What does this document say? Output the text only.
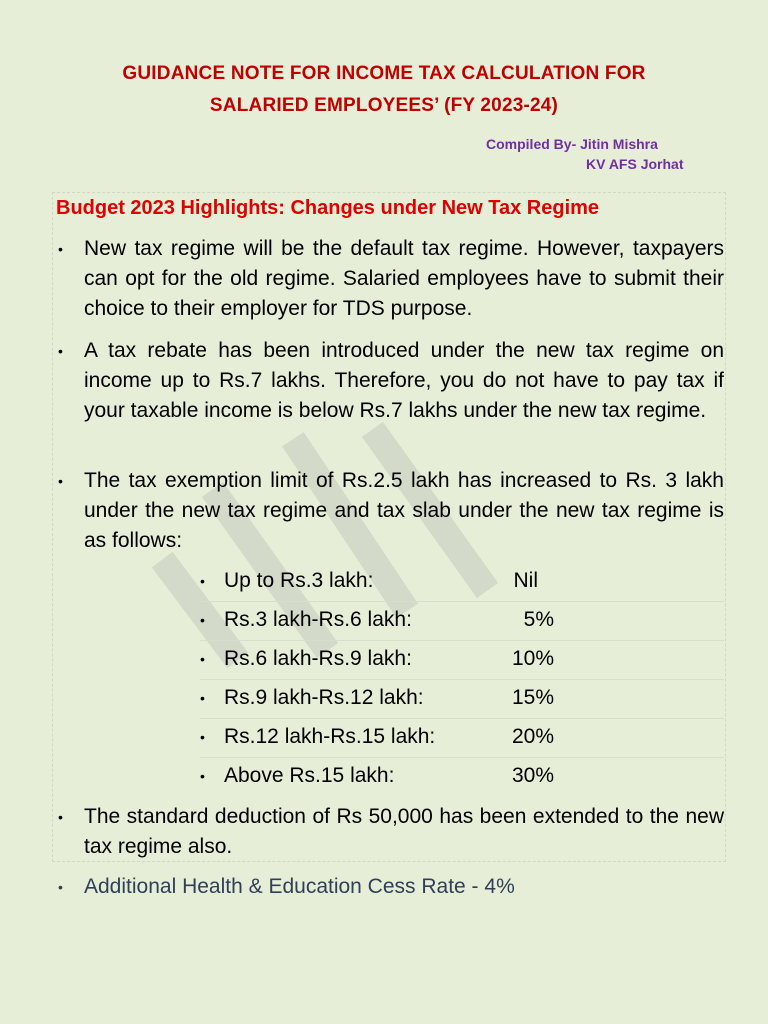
GUIDANCE NOTE FOR INCOME TAX CALCULATION FOR
SALARIED EMPLOYEES’ (FY 2023-24)
Compiled By- Jitin Mishra
KV AFS Jorhat
Budget 2023 Highlights: Changes under New Tax Regime
• New tax regime will be the default tax regime. However, taxpayers can opt for the old regime. Salaried employees have to submit their choice to their employer for TDS purpose.
• A tax rebate has been introduced under the new tax regime on income up to Rs.7 lakhs. Therefore, you do not have to pay tax if your taxable income is below Rs.7 lakhs under the new tax regime.
• The tax exemption limit of Rs.2.5 lakh has increased to Rs. 3 lakh under the new tax regime and tax slab under the new tax regime is as follows:
• Up to Rs.3 lakh:	Nil
• Rs.3 lakh-Rs.6 lakh:	5%
• Rs.6 lakh-Rs.9 lakh:	10%
• Rs.9 lakh-Rs.12 lakh:	15%
• Rs.12 lakh-Rs.15 lakh:	20%
• Above Rs.15 lakh:	30%
• The standard deduction of Rs 50,000 has been extended to the new tax regime also.
• Additional Health & Education Cess Rate - 4%
